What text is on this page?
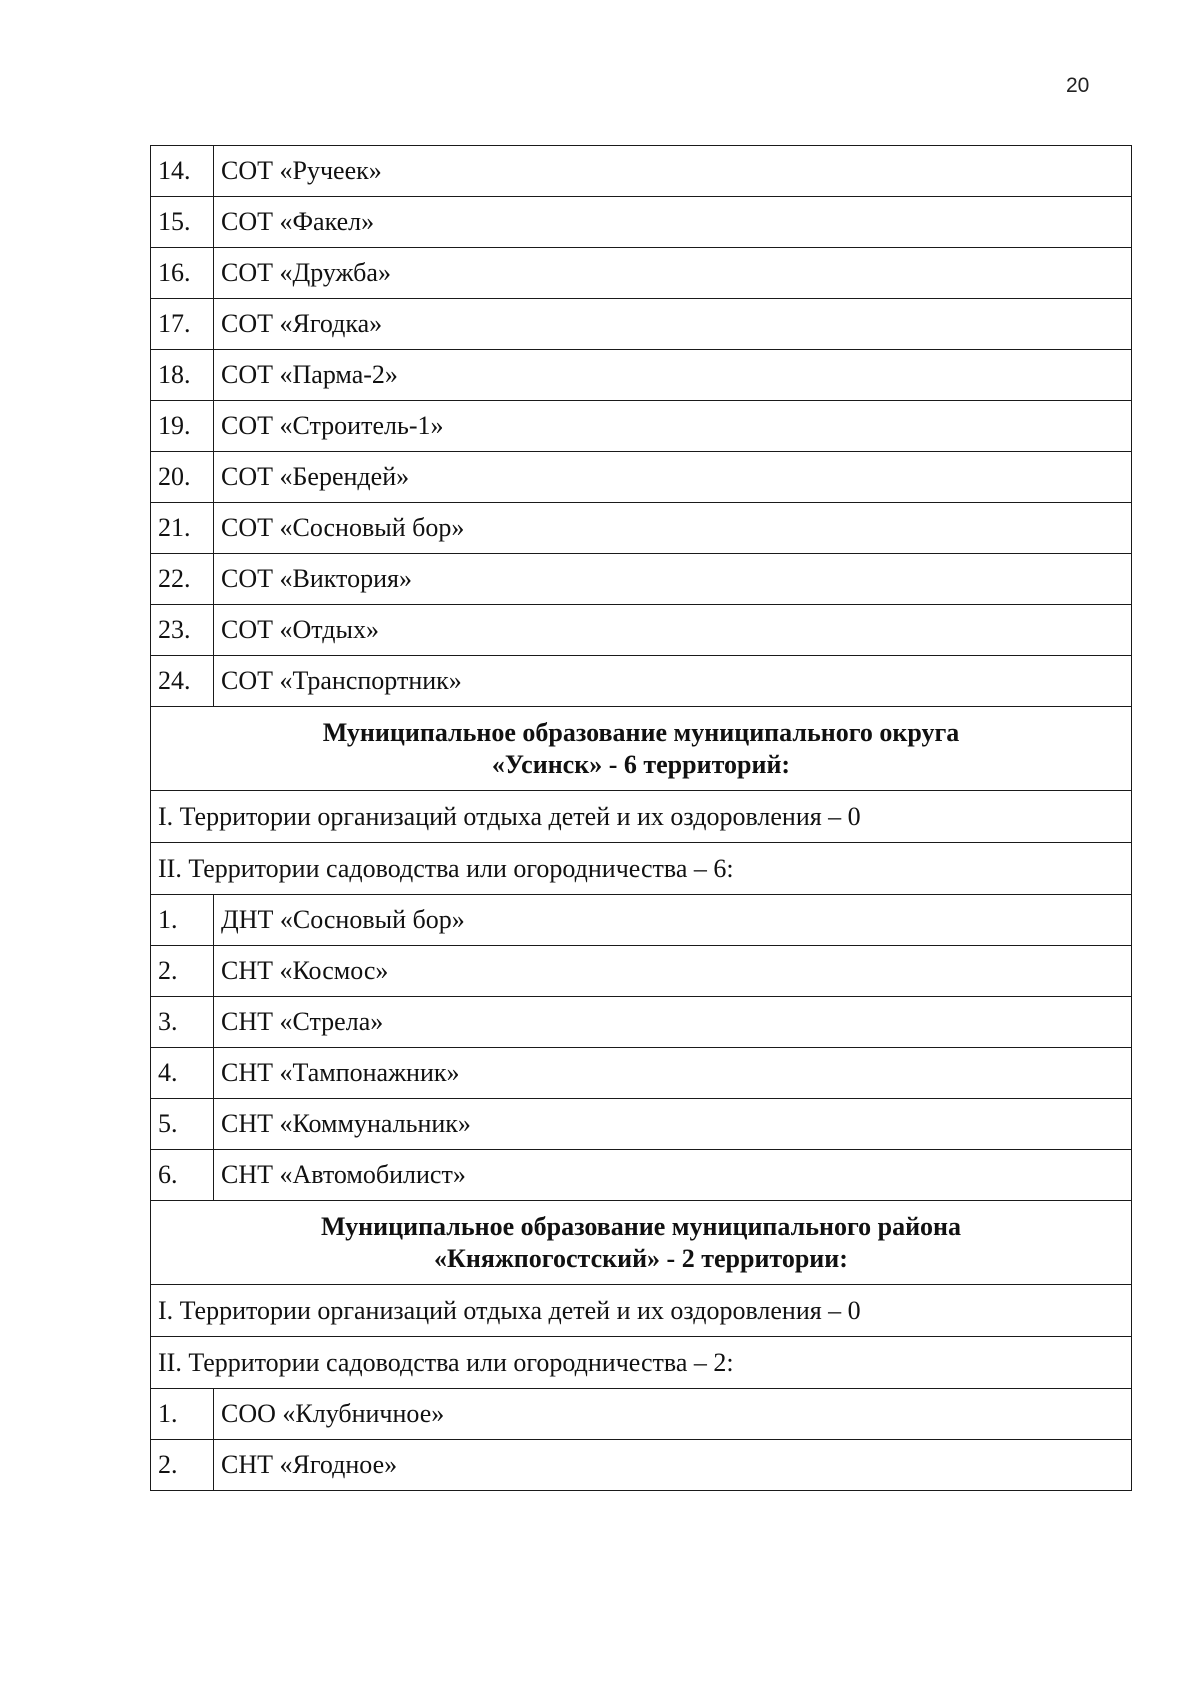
20
14.	СОТ «Ручеек»
15.	СОТ «Факел»
16.	СОТ «Дружба»
17.	СОТ «Ягодка»
18.	СОТ «Парма-2»
19.	СОТ «Строитель-1»
20.	СОТ «Берендей»
21.	СОТ «Сосновый бор»
22.	СОТ «Виктория»
23.	СОТ «Отдых»
24.	СОТ «Транспортник»
Муниципальное образование муниципального округа
«Усинск» - 6 территорий:	
I. Территории организаций отдыха детей и их оздоровления – 0	
II. Территории садоводства или огородничества – 6:	
1.	ДНТ «Сосновый бор»
2.	СНТ «Космос»
3.	СНТ «Стрела»
4.	СНТ «Тампонажник»
5.	СНТ «Коммунальник»
6.	СНТ «Автомобилист»
Муниципальное образование муниципального района
«Княжпогостский» - 2 территории:	
I. Территории организаций отдыха детей и их оздоровления – 0	
II. Территории садоводства или огородничества – 2:	
1.	СОО «Клубничное»
2.	СНТ «Ягодное»
